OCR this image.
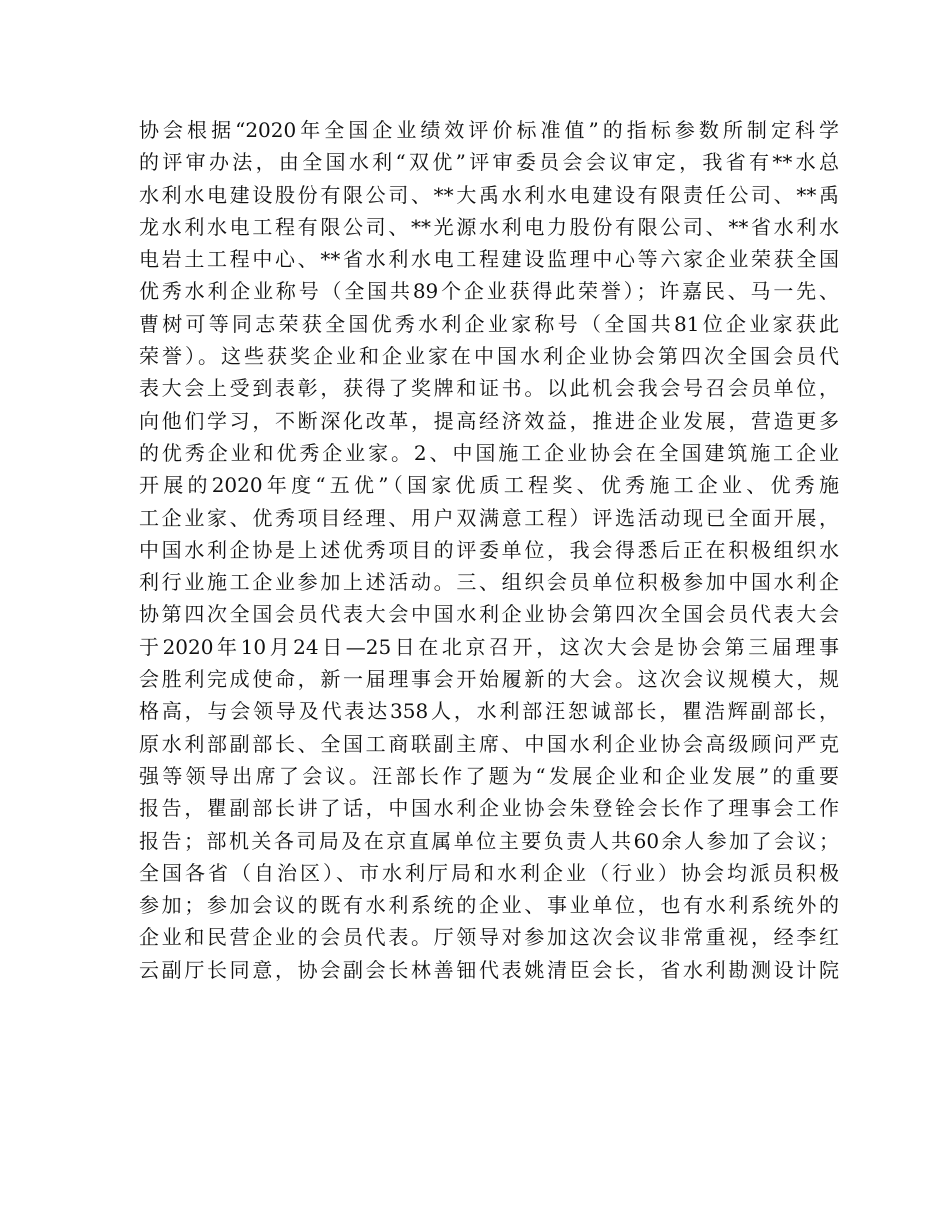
协会根据“2020年全国企业绩效评价标准值”的指标参数所制定科学
的评审办法，由全国水利“双优”评审委员会会议审定，我省有**水总
水利水电建设股份有限公司、**大禹水利水电建设有限责任公司、**禹
龙水利水电工程有限公司、**光源水利电力股份有限公司、**省水利水
电岩土工程中心、**省水利水电工程建设监理中心等六家企业荣获全国
优秀水利企业称号（全国共89个企业获得此荣誉）；许嘉民、马一先、
曹树可等同志荣获全国优秀水利企业家称号（全国共81位企业家获此
荣誉）。这些获奖企业和企业家在中国水利企业协会第四次全国会员代
表大会上受到表彰，获得了奖牌和证书。以此机会我会号召会员单位，
向他们学习，不断深化改革，提高经济效益，推进企业发展，营造更多
的优秀企业和优秀企业家。2、中国施工企业协会在全国建筑施工企业
开展的2020年度“五优”（国家优质工程奖、优秀施工企业、优秀施
工企业家、优秀项目经理、用户双满意工程）评选活动现已全面开展，
中国水利企协是上述优秀项目的评委单位，我会得悉后正在积极组织水
利行业施工企业参加上述活动。三、组织会员单位积极参加中国水利企
协第四次全国会员代表大会中国水利企业协会第四次全国会员代表大会
于2020年10月24日—25日在北京召开，这次大会是协会第三届理事
会胜利完成使命，新一届理事会开始履新的大会。这次会议规模大，规
格高，与会领导及代表达358人，水利部汪恕诚部长，瞿浩辉副部长，
原水利部副部长、全国工商联副主席、中国水利企业协会高级顾问严克
强等领导出席了会议。汪部长作了题为“发展企业和企业发展”的重要
报告，瞿副部长讲了话，中国水利企业协会朱登铨会长作了理事会工作
报告；部机关各司局及在京直属单位主要负责人共60余人参加了会议；
全国各省（自治区）、市水利厅局和水利企业（行业）协会均派员积极
参加；参加会议的既有水利系统的企业、事业单位，也有水利系统外的
企业和民营企业的会员代表。厅领导对参加这次会议非常重视，经李红
云副厅长同意，协会副会长林善钿代表姚清臣会长，省水利勘测设计院
